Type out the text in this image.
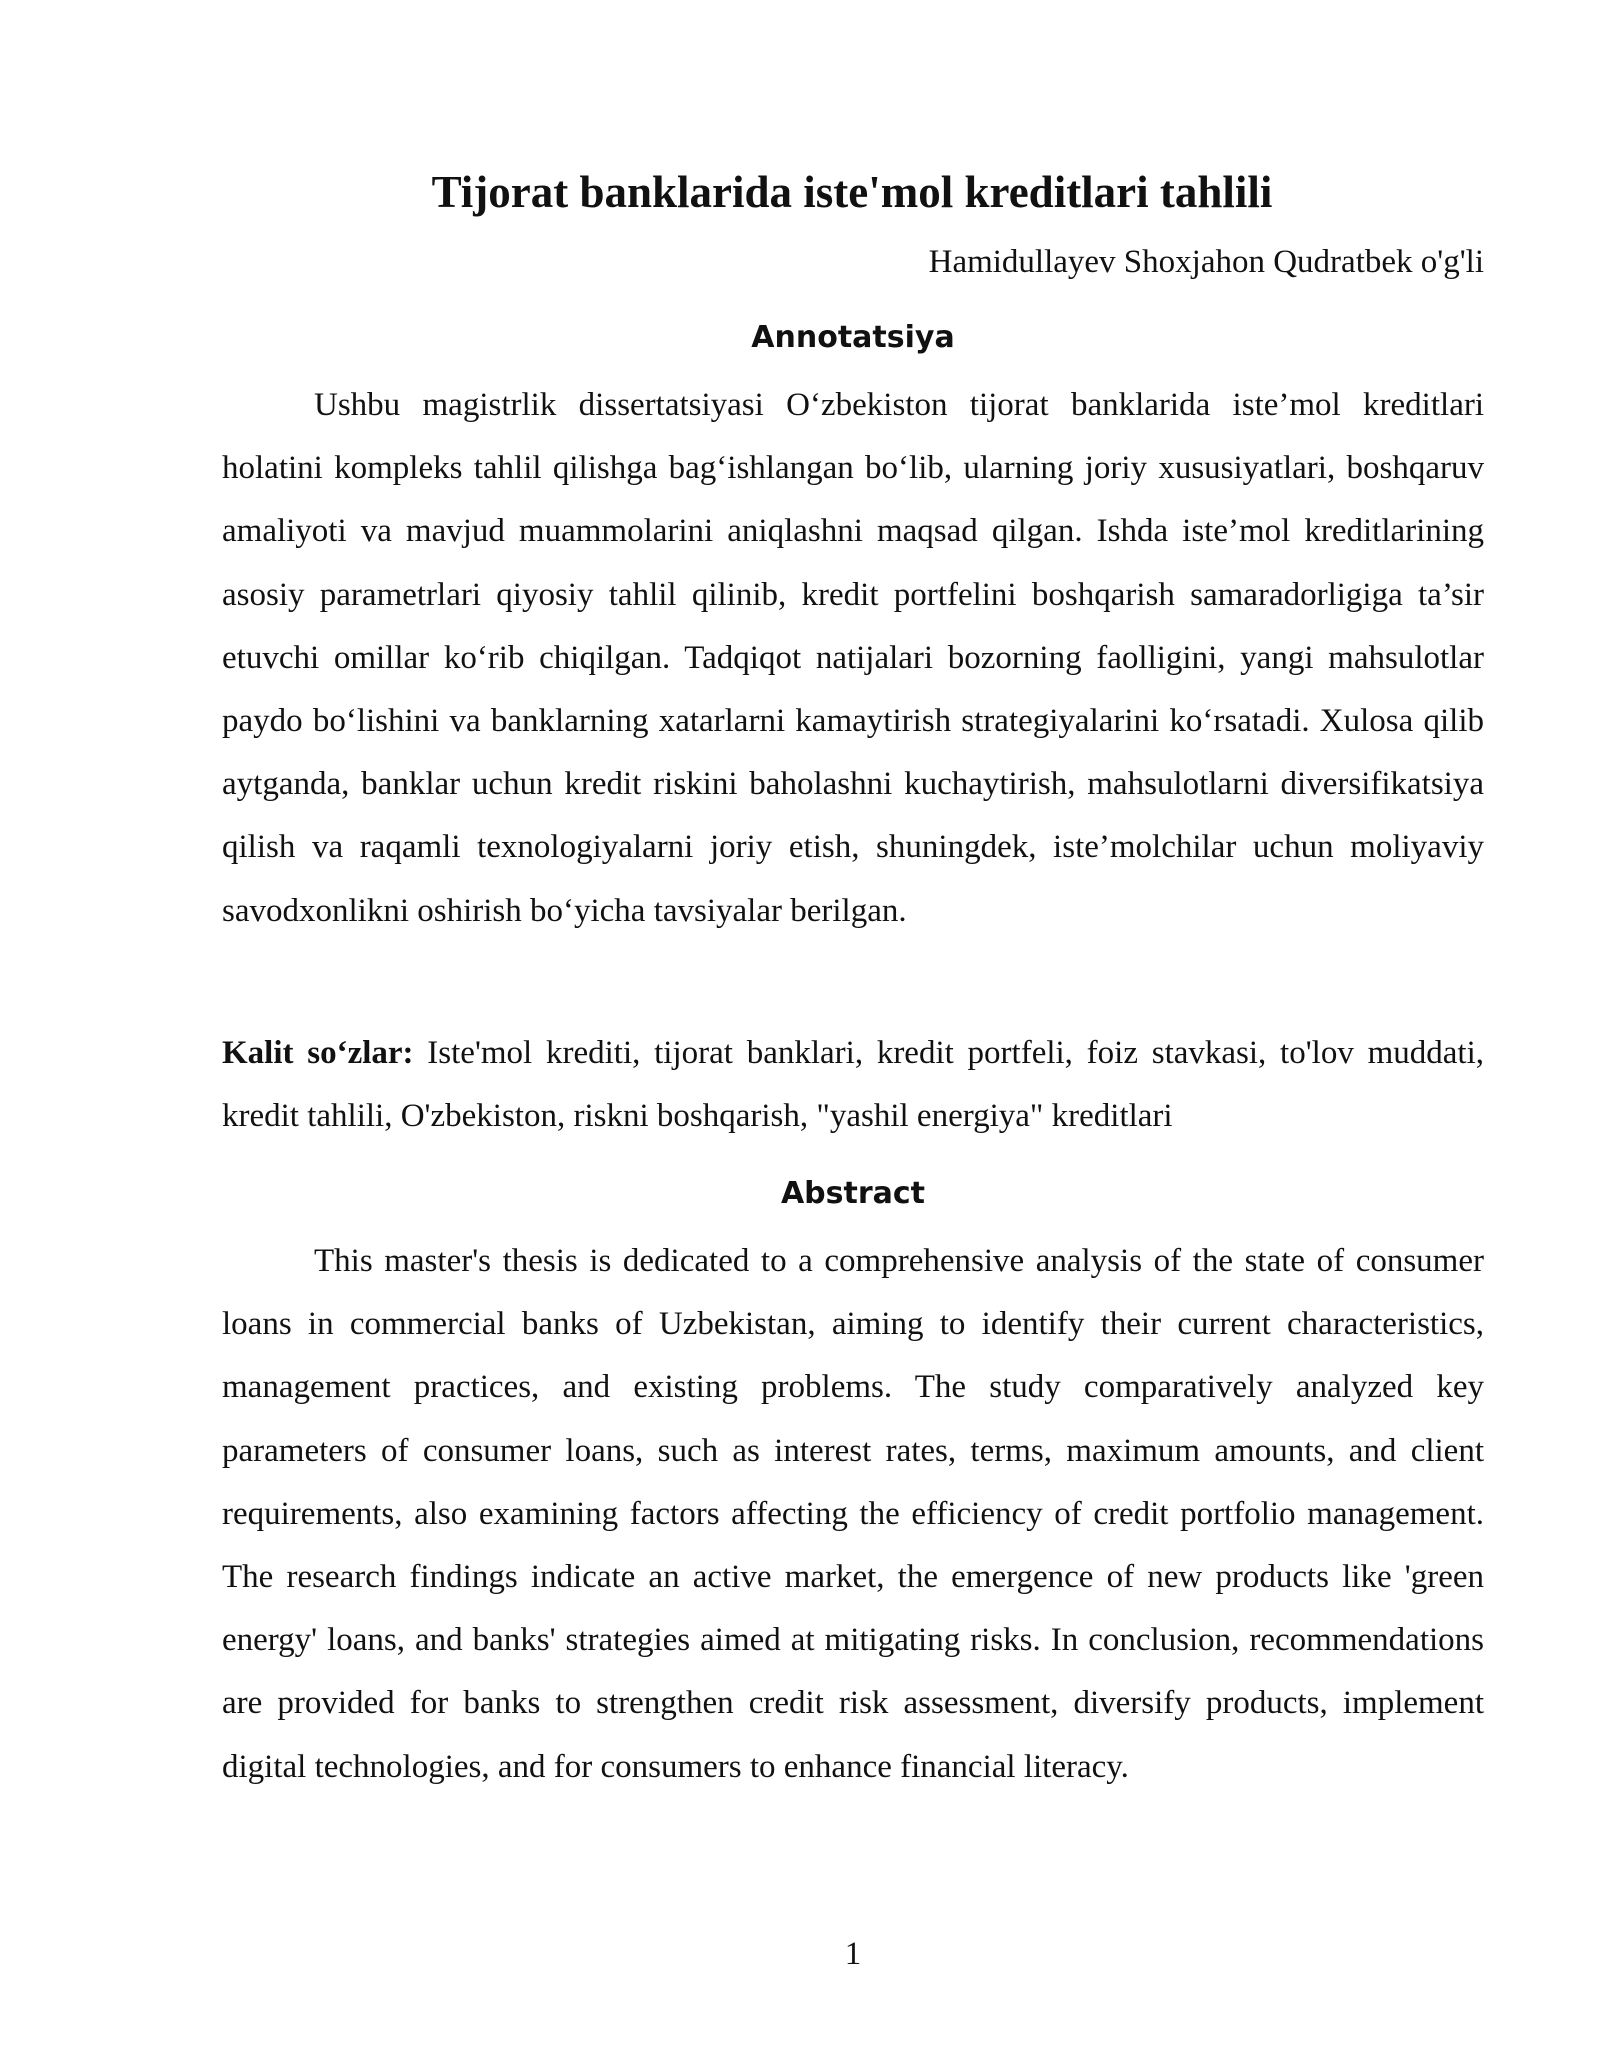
Tijorat banklarida iste'mol kreditlari tahlili
Hamidullayev Shoxjahon Qudratbek o'g'li
Annotatsiya

Ushbu magistrlik dissertatsiyasi O‘zbekiston tijorat banklarida iste’mol kreditlari holatini kompleks tahlil qilishga bag‘ishlangan bo‘lib, ularning joriy xususiyatlari, boshqaruv amaliyoti va mavjud muammolarini aniqlashni maqsad qilgan. Ishda iste’mol kreditlarining asosiy parametrlari qiyosiy tahlil qilinib, kredit portfelini boshqarish samaradorligiga ta’sir etuvchi omillar ko‘rib chiqilgan. Tadqiqot natijalari bozorning faolligini, yangi mahsulotlar paydo bo‘lishini va banklarning xatarlarni kamaytirish strategiyalarini ko‘rsatadi. Xulosa qilib aytganda, banklar uchun kredit riskini baholashni kuchaytirish, mahsulotlarni diversifikatsiya qilish va raqamli texnologiyalarni joriy etish, shuningdek, iste’molchilar uchun moliyaviy savodxonlikni oshirish bo‘yicha tavsiyalar berilgan.

Kalit so‘zlar: Iste'mol krediti, tijorat banklari, kredit portfeli, foiz stavkasi, to'lov muddati, kredit tahlili, O'zbekiston, riskni boshqarish, "yashil energiya" kreditlari

Abstract

This master's thesis is dedicated to a comprehensive analysis of the state of consumer loans in commercial banks of Uzbekistan, aiming to identify their current characteristics, management practices, and existing problems. The study comparatively analyzed key parameters of consumer loans, such as interest rates, terms, maximum amounts, and client requirements, also examining factors affecting the efficiency of credit portfolio management. The research findings indicate an active market, the emergence of new products like 'green energy' loans, and banks' strategies aimed at mitigating risks. In conclusion, recommendations are provided for banks to strengthen credit risk assessment, diversify products, implement digital technologies, and for consumers to enhance financial literacy.

1
